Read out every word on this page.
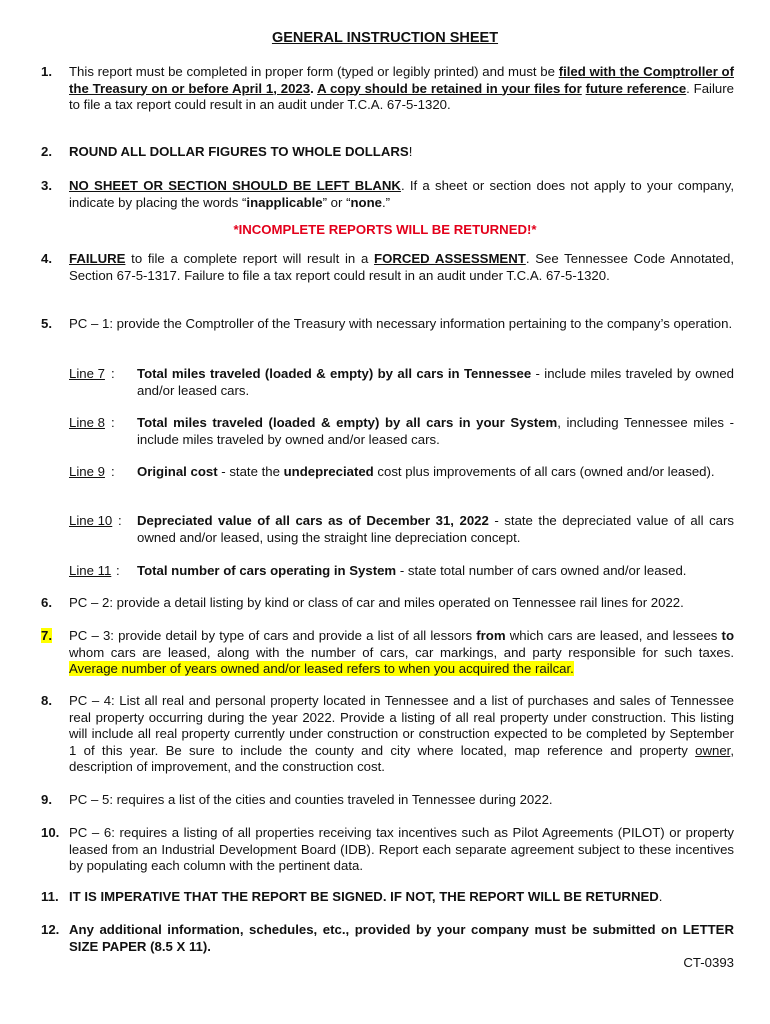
GENERAL INSTRUCTION SHEET
1. This report must be completed in proper form (typed or legibly printed) and must be filed with the Comptroller of the Treasury on or before April 1, 2023. A copy should be retained in your files for future reference. Failure to file a tax report could result in an audit under T.C.A. 67-5-1320.
2. ROUND ALL DOLLAR FIGURES TO WHOLE DOLLARS!
3. NO SHEET OR SECTION SHOULD BE LEFT BLANK. If a sheet or section does not apply to your company, indicate by placing the words “inapplicable” or “none.”
*INCOMPLETE REPORTS WILL BE RETURNED!*
4. FAILURE to file a complete report will result in a FORCED ASSESSMENT. See Tennessee Code Annotated, Section 67-5-1317. Failure to file a tax report could result in an audit under T.C.A. 67-5-1320.
5. PC – 1: provide the Comptroller of the Treasury with necessary information pertaining to the company’s operation.
Line 7 : Total miles traveled (loaded & empty) by all cars in Tennessee - include miles traveled by owned and/or leased cars.
Line 8 : Total miles traveled (loaded & empty) by all cars in your System, including Tennessee miles - include miles traveled by owned and/or leased cars.
Line 9 : Original cost - state the undepreciated cost plus improvements of all cars (owned and/or leased).
Line 10 : Depreciated value of all cars as of December 31, 2022 - state the depreciated value of all cars owned and/or leased, using the straight line depreciation concept.
Line 11 : Total number of cars operating in System - state total number of cars owned and/or leased.
6. PC – 2: provide a detail listing by kind or class of car and miles operated on Tennessee rail lines for 2022.
7. PC – 3: provide detail by type of cars and provide a list of all lessors from which cars are leased, and lessees to whom cars are leased, along with the number of cars, car markings, and party responsible for such taxes. Average number of years owned and/or leased refers to when you acquired the railcar.
8. PC – 4: List all real and personal property located in Tennessee and a list of purchases and sales of Tennessee real property occurring during the year 2022. Provide a listing of all real property under construction. This listing will include all real property currently under construction or construction expected to be completed by September 1 of this year. Be sure to include the county and city where located, map reference and property owner, description of improvement, and the construction cost.
9. PC – 5: requires a list of the cities and counties traveled in Tennessee during 2022.
10. PC – 6: requires a listing of all properties receiving tax incentives such as Pilot Agreements (PILOT) or property leased from an Industrial Development Board (IDB). Report each separate agreement subject to these incentives by populating each column with the pertinent data.
11. IT IS IMPERATIVE THAT THE REPORT BE SIGNED. IF NOT, THE REPORT WILL BE RETURNED.
12. Any additional information, schedules, etc., provided by your company must be submitted on LETTER SIZE PAPER (8.5 X 11).
CT-0393
